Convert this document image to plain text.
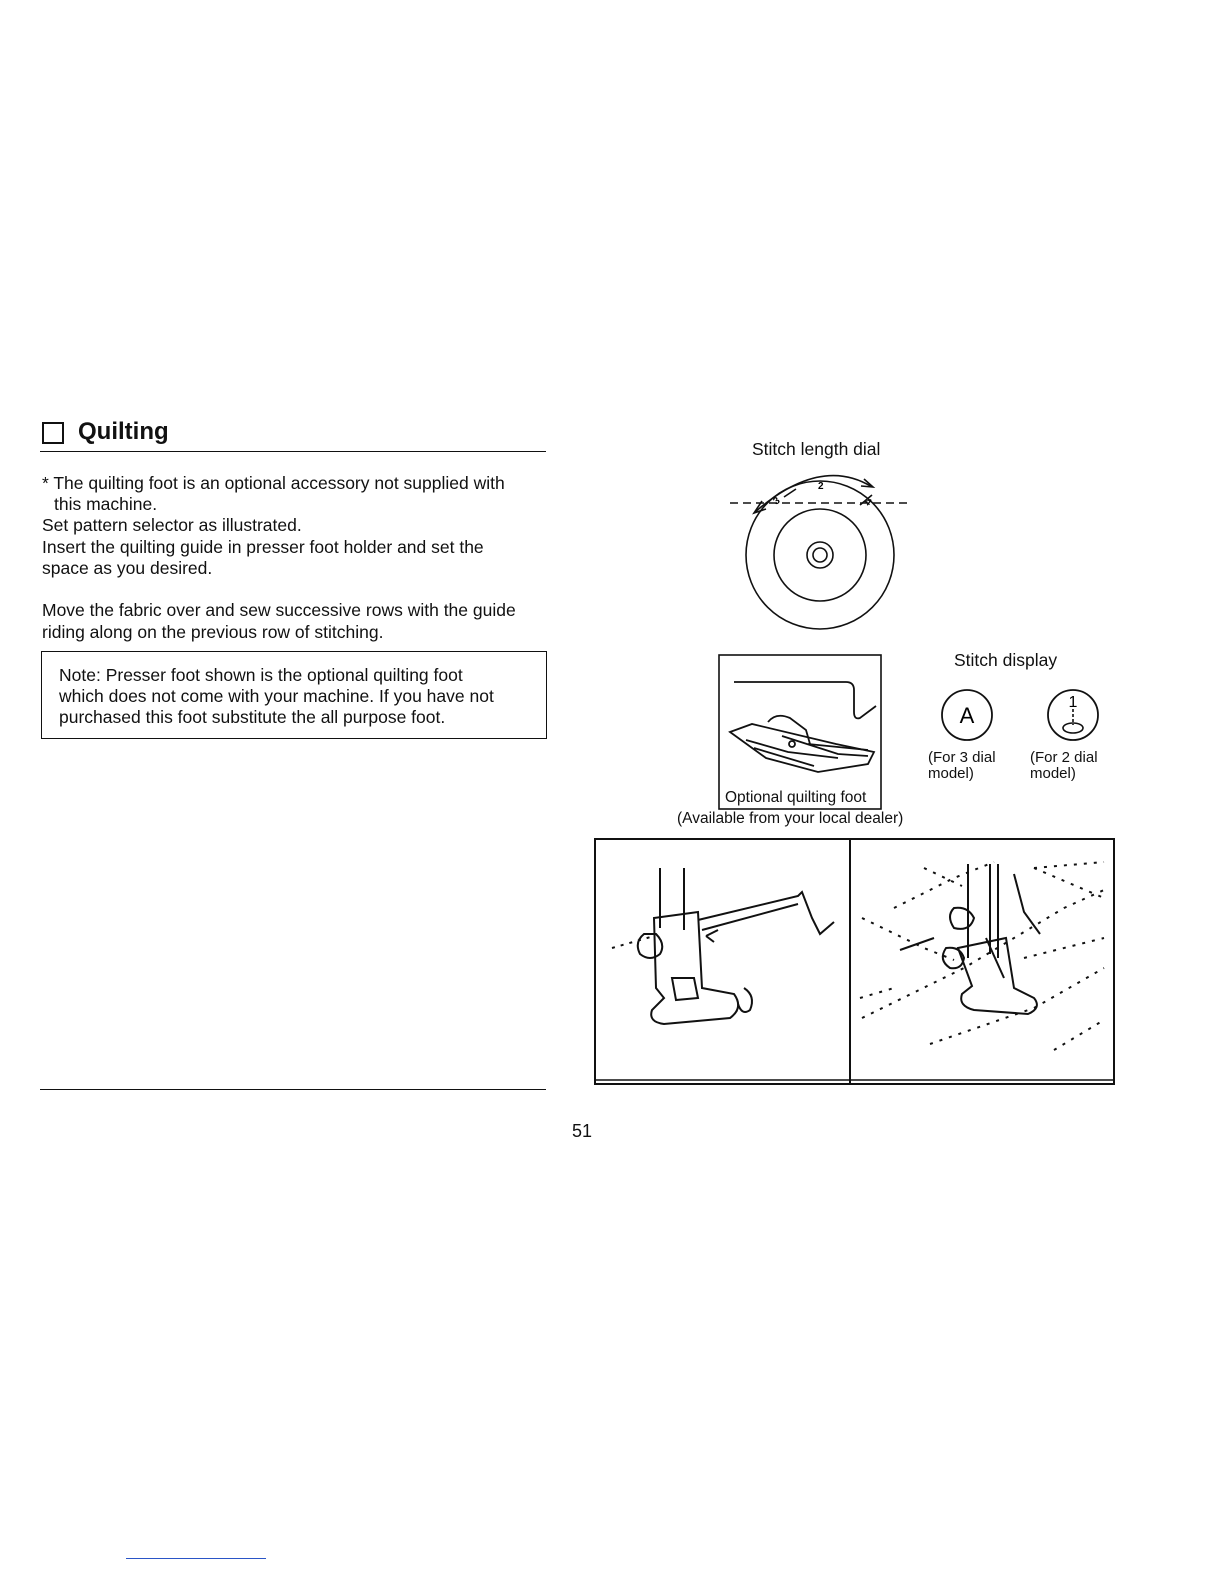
Quilting
* The quilting foot is an optional accessory not supplied with
this machine.
Set pattern selector as illustrated.
Insert the quilting guide in presser foot holder and set the
space as you desired.
Move the fabric over and sew successive rows with the guide
riding along on the previous row of stitching.
Note: Presser foot shown is the optional quilting foot
which does not come with your machine. If you have not
purchased this foot substitute the all purpose foot.
51
Stitch length dial
2
3	4
Optional quilting foot
(Available from your local dealer)
Stitch display
A
1
(For 3 dial
model)
(For 2 dial
model)
